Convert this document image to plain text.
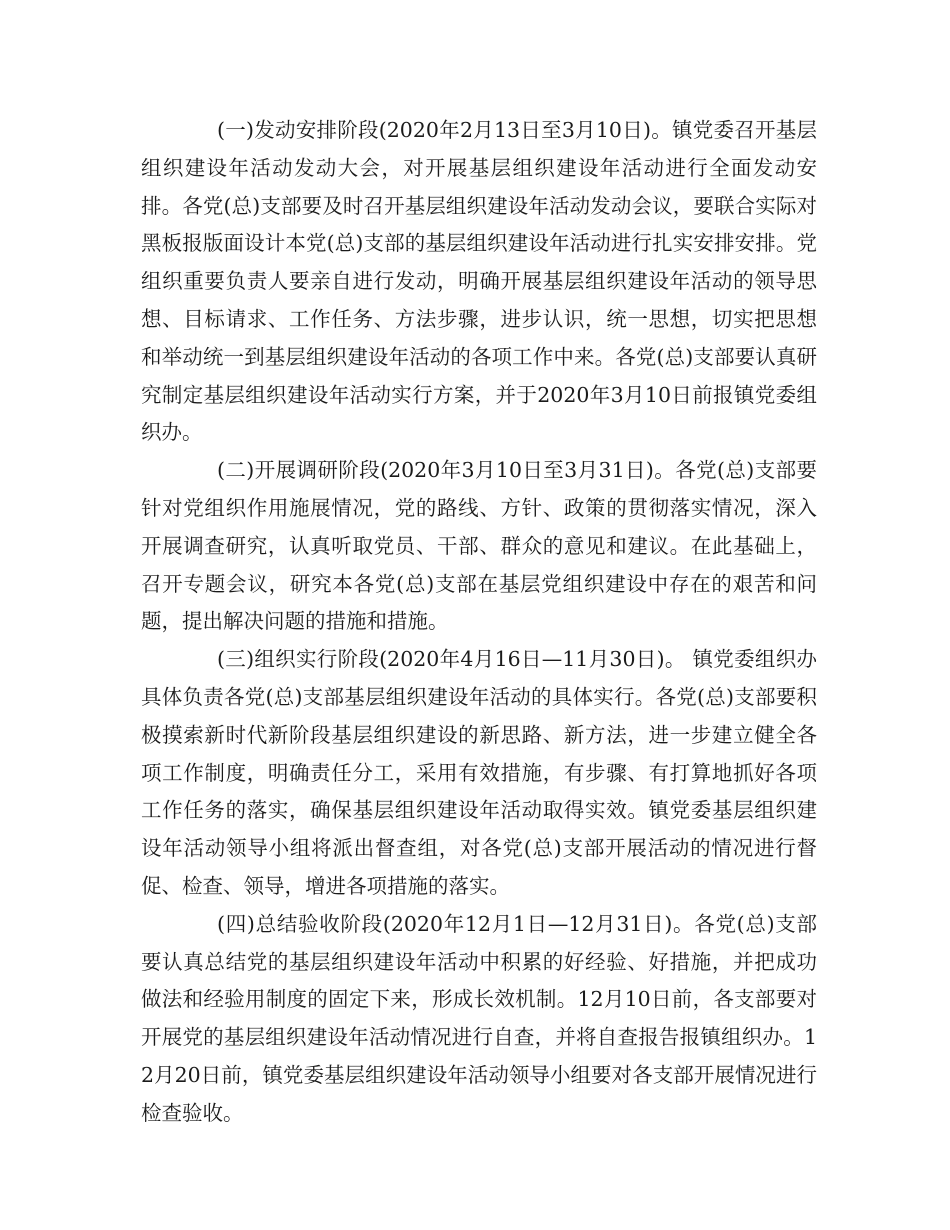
(一)发动安排阶段(2020年2月13日至3月10日)。镇党委召开基层组织建设年活动发动大会，对开展基层组织建设年活动进行全面发动安排。各党(总)支部要及时召开基层组织建设年活动发动会议，要联合实际对黑板报版面设计本党(总)支部的基层组织建设年活动进行扎实安排安排。党组织重要负责人要亲自进行发动，明确开展基层组织建设年活动的领导思想、目标请求、工作任务、方法步骤，进步认识，统一思想，切实把思想和举动统一到基层组织建设年活动的各项工作中来。各党(总)支部要认真研究制定基层组织建设年活动实行方案，并于2020年3月10日前报镇党委组织办。

(二)开展调研阶段(2020年3月10日至3月31日)。各党(总)支部要针对党组织作用施展情况，党的路线、方针、政策的贯彻落实情况，深入开展调查研究，认真听取党员、干部、群众的意见和建议。在此基础上，召开专题会议，研究本各党(总)支部在基层党组织建设中存在的艰苦和问题，提出解决问题的措施和措施。

(三)组织实行阶段(2020年4月16日—11月30日)。 镇党委组织办具体负责各党(总)支部基层组织建设年活动的具体实行。各党(总)支部要积极摸索新时代新阶段基层组织建设的新思路、新方法，进一步建立健全各项工作制度，明确责任分工，采用有效措施，有步骤、有打算地抓好各项工作任务的落实，确保基层组织建设年活动取得实效。镇党委基层组织建设年活动领导小组将派出督查组，对各党(总)支部开展活动的情况进行督促、检查、领导，增进各项措施的落实。

(四)总结验收阶段(2020年12月1日—12月31日)。各党(总)支部要认真总结党的基层组织建设年活动中积累的好经验、好措施，并把成功做法和经验用制度的固定下来，形成长效机制。12月10日前，各支部要对开展党的基层组织建设年活动情况进行自查，并将自查报告报镇组织办。12月20日前，镇党委基层组织建设年活动领导小组要对各支部开展情况进行检查验收。
